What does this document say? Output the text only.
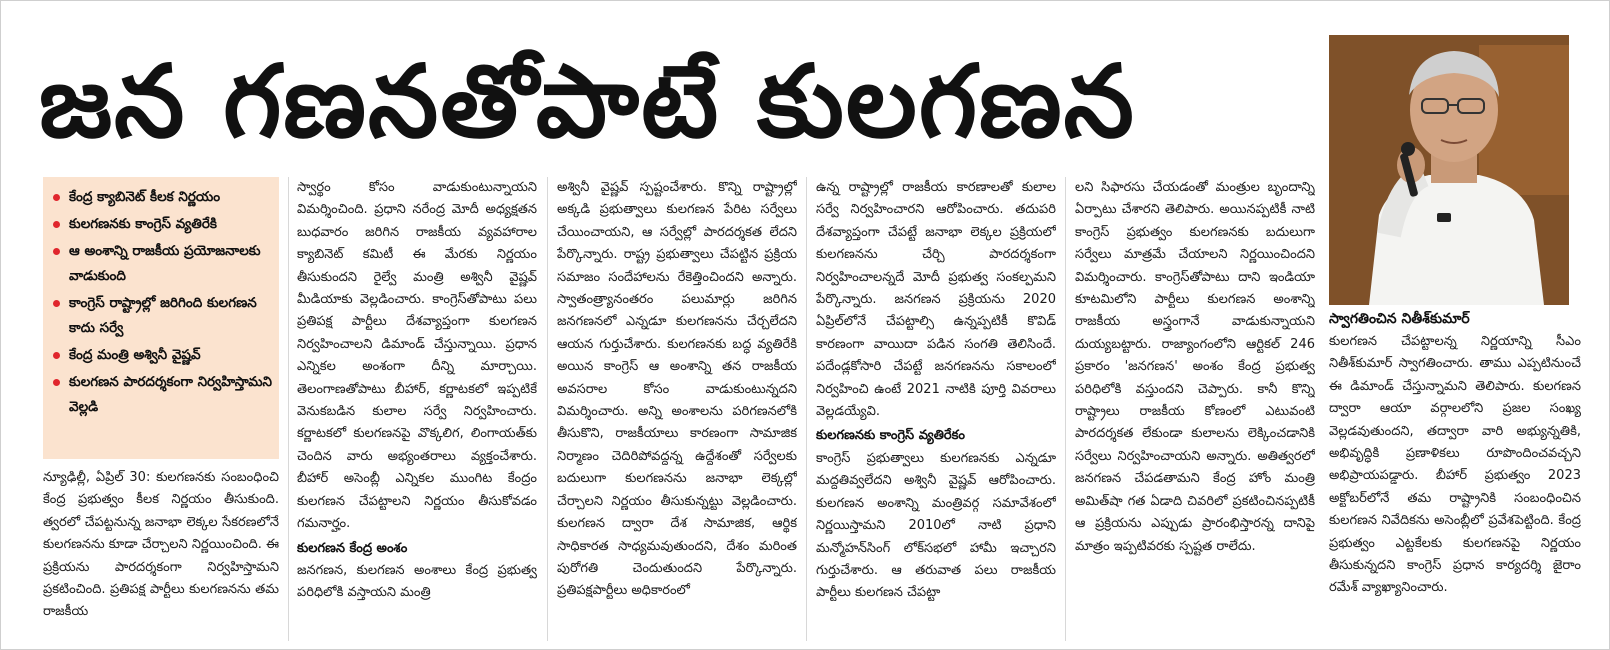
జన గణనతోపాటే కులగణన
స్వాగతించిన నితీశ్‌కుమార్‌
కేంద్ర క్యాబినెట్‌ కీలక నిర్ణయం
కులగణనకు కాంగ్రెస్‌ వ్యతిరేకి
ఆ అంశాన్ని రాజకీయ ప్రయోజనాలకు వాడుకుంది
కాంగ్రెస్‌ రాష్ట్రాల్లో జరిగింది కులగణన కాదు సర్వే
కేంద్ర మంత్రి అశ్వినీ వైష్ణవ్‌
కులగణన పారదర్శకంగా నిర్వహిస్తామని వెల్లడి

న్యూఢిల్లీ, ఏప్రిల్‌ 30: కులగణనకు సంబంధించి కేంద్ర ప్రభుత్వం కీలక నిర్ణయం తీసుకుంది. త్వరలో చేపట్టనున్న జనాభా లెక్కల సేకరణలోనే కులగణనను కూడా చేర్చాలని నిర్ణయించింది. ఈ ప్రక్రియను పారదర్శకంగా నిర్వహిస్తామని ప్రకటించింది. ప్రతిపక్ష పార్టీలు కులగణనను తమ రాజకీయ

స్వార్థం కోసం వాడుకుంటున్నాయని విమర్శించింది. ప్రధాని నరేంద్ర మోదీ అధ్యక్షతన బుధవారం జరిగిన రాజకీయ వ్యవహారాల క్యాబినెట్‌ కమిటీ ఈ మేరకు నిర్ణయం తీసుకుందని రైల్వే మంత్రి అశ్వినీ వైష్ణవ్‌ మీడియాకు వెల్లడించారు. కాంగ్రెస్‌తోపాటు పలు ప్రతిపక్ష పార్టీలు దేశవ్యాప్తంగా కులగణన నిర్వహించాలని డిమాండ్‌ చేస్తున్నాయి. ప్రధాన ఎన్నికల అంశంగా దీన్ని మార్చాయి. తెలంగాణతోపాటు బీహార్‌, కర్ణాటకలో ఇప్పటికే వెనుకబడిన కులాల సర్వే నిర్వహించారు. కర్ణాటకలో కులగణనపై వొక్కలిగ, లింగాయత్‌కు చెందిన వారు అభ్యంతరాలు వ్యక్తంచేశారు. బీహార్‌ అసెంబ్లీ ఎన్నికల ముంగిట కేంద్రం కులగణన చేపట్టాలని నిర్ణయం తీసుకోవడం గమనార్హం.

కులగణన కేంద్ర అంశం

జనగణన, కులగణన అంశాలు కేంద్ర ప్రభుత్వ పరిధిలోకి వస్తాయని మంత్రి

అశ్వినీ వైష్ణవ్‌ స్పష్టంచేశారు. కొన్ని రాష్ట్రాల్లో అక్కడి ప్రభుత్వాలు కులగణన పేరిట సర్వేలు చేయించాయని, ఆ సర్వేల్లో పారదర్శకత లేదని పేర్కొన్నారు. రాష్ట్ర ప్రభుత్వాలు చేపట్టిన ప్రక్రియ సమాజం సందేహాలను రేకెత్తించిందని అన్నారు. స్వాతంత్ర్యానంతరం పలుమార్లు జరిగిన జనగణనలో ఎన్నడూ కులగణనను చేర్చలేదని ఆయన గుర్తుచేశారు. కులగణనకు బద్ధ వ్యతిరేకి అయిన కాంగ్రెస్‌ ఆ అంశాన్ని తన రాజకీయ అవసరాల కోసం వాడుకుంటున్నదని విమర్శించారు. అన్ని అంశాలను పరిగణనలోకి తీసుకొని, రాజకీయాలు కారణంగా సామాజిక నిర్మాణం చెదిరిపోవద్దన్న ఉద్దేశంతో సర్వేలకు బదులుగా కులగణనను జనాభా లెక్కల్లో చేర్చాలని నిర్ణయం తీసుకున్నట్టు వెల్లడించారు. కులగణన ద్వారా దేశ సామాజిక, ఆర్థిక సాధికారత సాధ్యమవుతుందని, దేశం మరింత పురోగతి చెందుతుందని పేర్కొన్నారు. ప్రతిపక్షపార్టీలు అధికారంలో

ఉన్న రాష్ట్రాల్లో రాజకీయ కారణాలతో కులాల సర్వే నిర్వహించారని ఆరోపించారు. తదుపరి దేశవ్యాప్తంగా చేపట్టే జనాభా లెక్కల ప్రక్రియలో కులగణనను చేర్చి పారదర్శకంగా నిర్వహించాలన్నదే మోదీ ప్రభుత్వ సంకల్పమని పేర్కొన్నారు. జనగణన ప్రక్రియను 2020 ఏప్రిల్‌లోనే చేపట్టాల్సి ఉన్నప్పటికీ కొవిడ్‌ కారణంగా వాయిదా పడిన సంగతి తెలిసిందే. పదేండ్లకోసారి చేపట్టే జనగణనను సకాలంలో నిర్వహించి ఉంటే 2021 నాటికి పూర్తి వివరాలు వెల్లడయ్యేవి.

కులగణనకు కాంగ్రెస్‌ వ్యతిరేకం

కాంగ్రెస్‌ ప్రభుత్వాలు కులగణనకు ఎన్నడూ మద్దతివ్వలేదని అశ్వినీ వైష్ణవ్‌ ఆరోపించారు. కులగణన అంశాన్ని మంత్రివర్గ సమావేశంలో నిర్ణయిస్తామని 2010లో నాటి ప్రధాని మన్మోహన్‌సింగ్‌ లోక్‌సభలో హామీ ఇచ్చారని గుర్తుచేశారు. ఆ తరువాత పలు రాజకీయ పార్టీలు కులగణన చేపట్టా

లని సిఫారసు చేయడంతో మంత్రుల బృందాన్ని ఏర్పాటు చేశారని తెలిపారు. అయినప్పటికీ నాటి కాంగ్రెస్‌ ప్రభుత్వం కులగణనకు బదులుగా సర్వేలు మాత్రమే చేయాలని నిర్ణయించిందని విమర్శించారు. కాంగ్రెస్‌తోపాటు దాని ఇండియా కూటమిలోని పార్టీలు కులగణన అంశాన్ని రాజకీయ అస్త్రంగానే వాడుకున్నాయని దుయ్యబట్టారు. రాజ్యాంగంలోని ఆర్టికల్‌ 246 ప్రకారం 'జనగణన' అంశం కేంద్ర ప్రభుత్వ పరిధిలోకి వస్తుందని చెప్పారు. కానీ కొన్ని రాష్ట్రాలు రాజకీయ కోణంలో ఎటువంటి పారదర్శకత లేకుండా కులాలను లెక్కించడానికి సర్వేలు నిర్వహించాయని అన్నారు. అతిత్వరలో జనగణన చేపడతామని కేంద్ర హోం మంత్రి అమిత్‌షా గత ఏడాది చివరిలో ప్రకటించినప్పటికీ ఆ ప్రక్రియను ఎప్పుడు ప్రారంభిస్తారన్న దానిపై మాత్రం ఇప్పటివరకు స్పష్టత రాలేదు.

కులగణన చేపట్టాలన్న నిర్ణయాన్ని సీఎం నితీశ్‌కుమార్‌ స్వాగతించారు. తాము ఎప్పటినుంచే ఈ డిమాండ్‌ చేస్తున్నామని తెలిపారు. కులగణన ద్వారా ఆయా వర్గాలలోని ప్రజల సంఖ్య వెల్లడవుతుందని, తద్వారా వారి అభ్యున్నతికి, అభివృద్ధికి ప్రణాళికలు రూపొందించవచ్చని అభిప్రాయపడ్డారు. బీహార్‌ ప్రభుత్వం 2023 అక్టోబర్‌లోనే తమ రాష్ట్రానికి సంబంధించిన కులగణన నివేదికను అసెంబ్లీలో ప్రవేశపెట్టింది. కేంద్ర ప్రభుత్వం ఎట్టకేలకు కులగణనపై నిర్ణయం తీసుకున్నదని కాంగ్రెస్‌ ప్రధాన కార్యదర్శి జైరాం రమేశ్‌ వ్యాఖ్యానించారు.
